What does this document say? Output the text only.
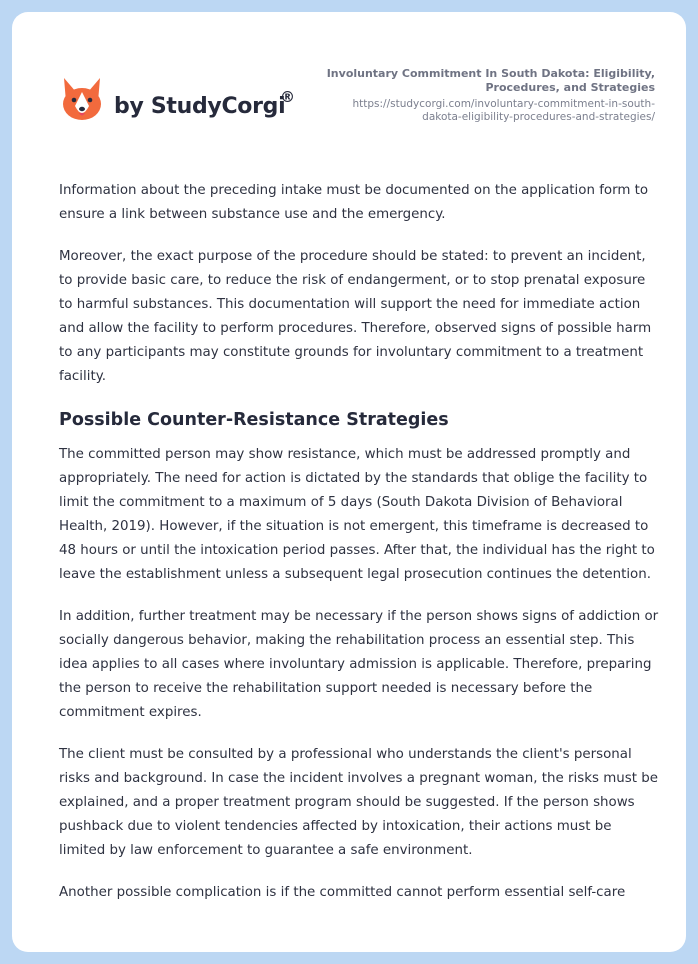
by StudyCorgi
®
Involuntary Commitment In South Dakota: Eligibility, Procedures, and Strategies
https://studycorgi.com/involuntary-commitment-in-south-dakota-eligibility-procedures-and-strategies/

Information about the preceding intake must be documented on the application form to ensure a link between substance use and the emergency.

Moreover, the exact purpose of the procedure should be stated: to prevent an incident, to provide basic care, to reduce the risk of endangerment, or to stop prenatal exposure to harmful substances. This documentation will support the need for immediate action and allow the facility to perform procedures. Therefore, observed signs of possible harm to any participants may constitute grounds for involuntary commitment to a treatment facility.

Possible Counter-Resistance Strategies

The committed person may show resistance, which must be addressed promptly and appropriately. The need for action is dictated by the standards that oblige the facility to limit the commitment to a maximum of 5 days (South Dakota Division of Behavioral Health, 2019). However, if the situation is not emergent, this timeframe is decreased to 48 hours or until the intoxication period passes. After that, the individual has the right to leave the establishment unless a subsequent legal prosecution continues the detention.

In addition, further treatment may be necessary if the person shows signs of addiction or socially dangerous behavior, making the rehabilitation process an essential step. This idea applies to all cases where involuntary admission is applicable. Therefore, preparing the person to receive the rehabilitation support needed is necessary before the commitment expires.

The client must be consulted by a professional who understands the client's personal risks and background. In case the incident involves a pregnant woman, the risks must be explained, and a proper treatment program should be suggested. If the person shows pushback due to violent tendencies affected by intoxication, their actions must be limited by law enforcement to guarantee a safe environment.

Another possible complication is if the committed cannot perform essential self-care
